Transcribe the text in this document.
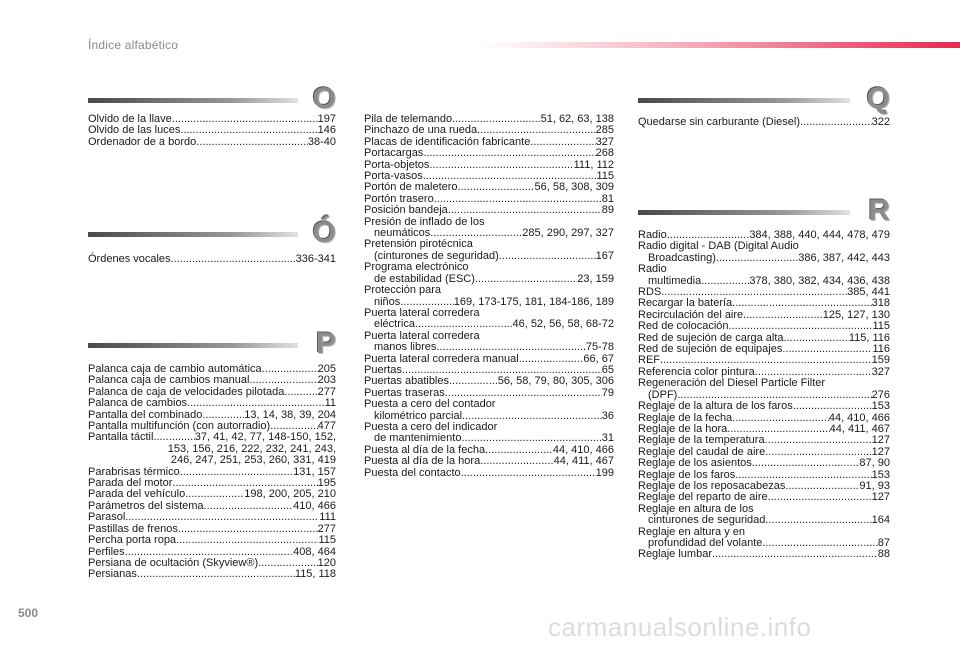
Índice alfabético
O
Olvido de la llave .....	197
Olvido de las luces .....	146
Ordenador de a bordo .....	38-40
Ó
Órdenes vocales .....	336-341
P
Palanca caja de cambio automática .....	205
Palanca caja de cambios manual .....	203
Palanca de caja de velocidades pilotada .....	277
Palanca de cambios .....	11
Pantalla del combinado .....	13, 14, 38, 39, 204
Pantalla multifunción (con autorradio) .....	477
Pantalla táctil .....	37, 41, 42, 77, 148-150, 152,
153, 156, 216, 222, 232, 241, 243,
246, 247, 251, 253, 260, 331, 419
Parabrisas térmico .....	131, 157
Parada del motor .....	195
Parada del vehículo .....	198, 200, 205, 210
Parámetros del sistema .....	410, 466
Parasol .....	111
Pastillas de frenos .....	277
Percha porta ropa .....	115
Perfiles .....	408, 464
Persiana de ocultación (Skyview®) .....	120
Persianas .....	115, 118
Pila de telemando .....	51, 62, 63, 138
Pinchazo de una rueda .....	285
Placas de identificación fabricante .....	327
Portacargas .....	268
Porta-objetos .....	111, 112
Porta-vasos .....	115
Portón de maletero .....	56, 58, 308, 309
Portón trasero .....	81
Posición bandeja .....	89
Presión de inflado de los
neumáticos .....	285, 290, 297, 327
Pretensión pirotécnica
(cinturones de seguridad) .....	167
Programa electrónico
de estabilidad (ESC) .....	23, 159
Protección para
niños .....	169, 173-175, 181, 184-186, 189
Puerta lateral corredera
eléctrica .....	46, 52, 56, 58, 68-72
Puerta lateral corredera
manos libres .....	75-78
Puerta lateral corredera manual .....	66, 67
Puertas .....	65
Puertas abatibles .....	56, 58, 79, 80, 305, 306
Puertas traseras .....	79
Puesta a cero del contador
kilométrico parcial .....	36
Puesta a cero del indicador
de mantenimiento .....	31
Puesta al día de la fecha .....	44, 410, 466
Puesta al día de la hora .....	44, 411, 467
Puesta del contacto .....	199
Q
Quedarse sin carburante (Diesel) .....	322
R
Radio .....	384, 388, 440, 444, 478, 479
Radio digital - DAB (Digital Audio
Broadcasting) .....	386, 387, 442, 443
Radio
multimedia .....	378, 380, 382, 434, 436, 438
RDS .....	385, 441
Recargar la batería .....	318
Recirculación del aire .....	125, 127, 130
Red de colocación .....	115
Red de sujeción de carga alta .....	115, 116
Red de sujeción de equipajes .....	116
REF .....	159
Referencia color pintura .....	327
Regeneración del Diesel Particle Filter
(DPF) .....	276
Reglaje de la altura de los faros .....	153
Reglaje de la fecha .....	44, 410, 466
Reglaje de la hora .....	44, 411, 467
Reglaje de la temperatura .....	127
Reglaje del caudal de aire .....	127
Reglaje de los asientos .....	87, 90
Reglaje de los faros .....	153
Reglaje de los reposacabezas .....	91, 93
Reglaje del reparto de aire .....	127
Reglaje en altura de los
cinturones de seguridad .....	164
Reglaje en altura y en
profundidad del volante .....	87
Reglaje lumbar .....	88
500	carmanualsonline.info
